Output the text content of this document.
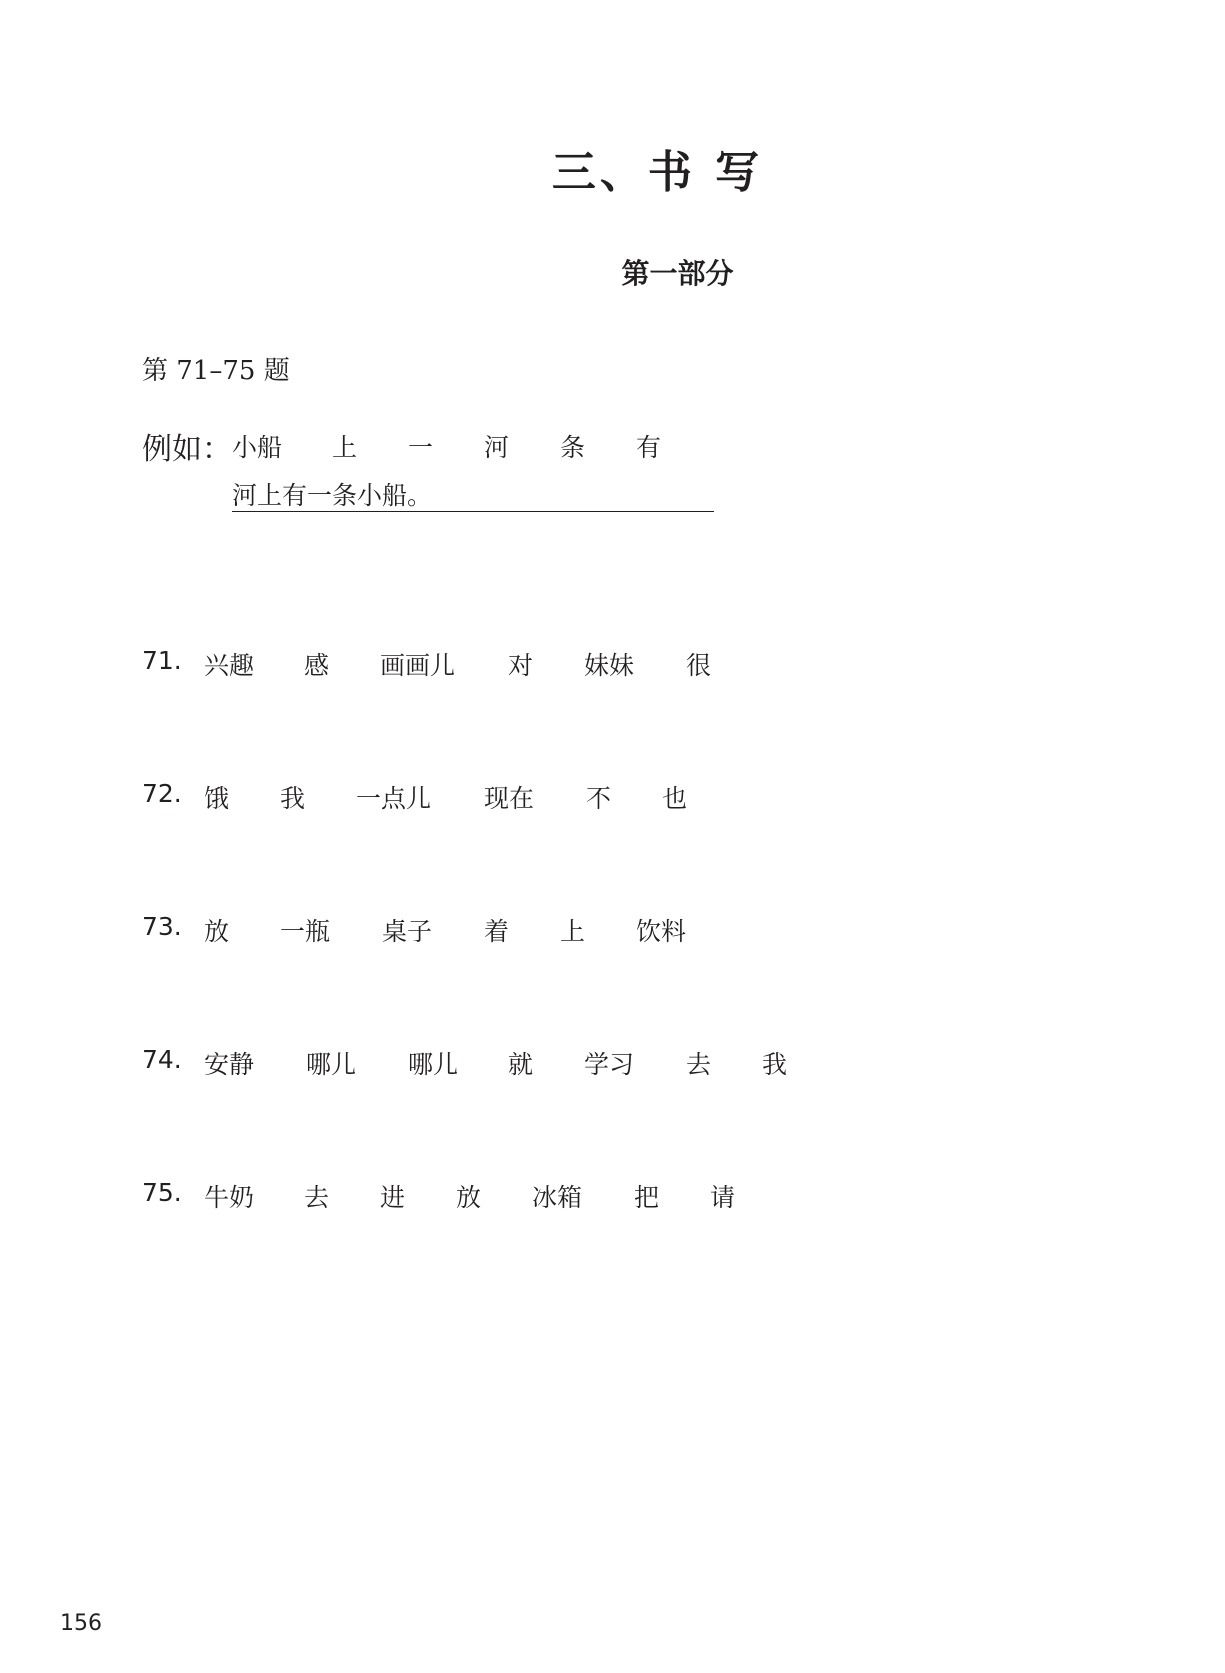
三、书 写
第一部分
第 71–75 题
例如： 小船 上 一 河 条 有
河上有一条小船。
71. 兴趣 感 画画儿 对 妹妹 很
72. 饿 我 一点儿 现在 不 也
73. 放 一瓶 桌子 着 上 饮料
74. 安静 哪儿 哪儿 就 学习 去 我
75. 牛奶 去 进 放 冰箱 把 请
156
